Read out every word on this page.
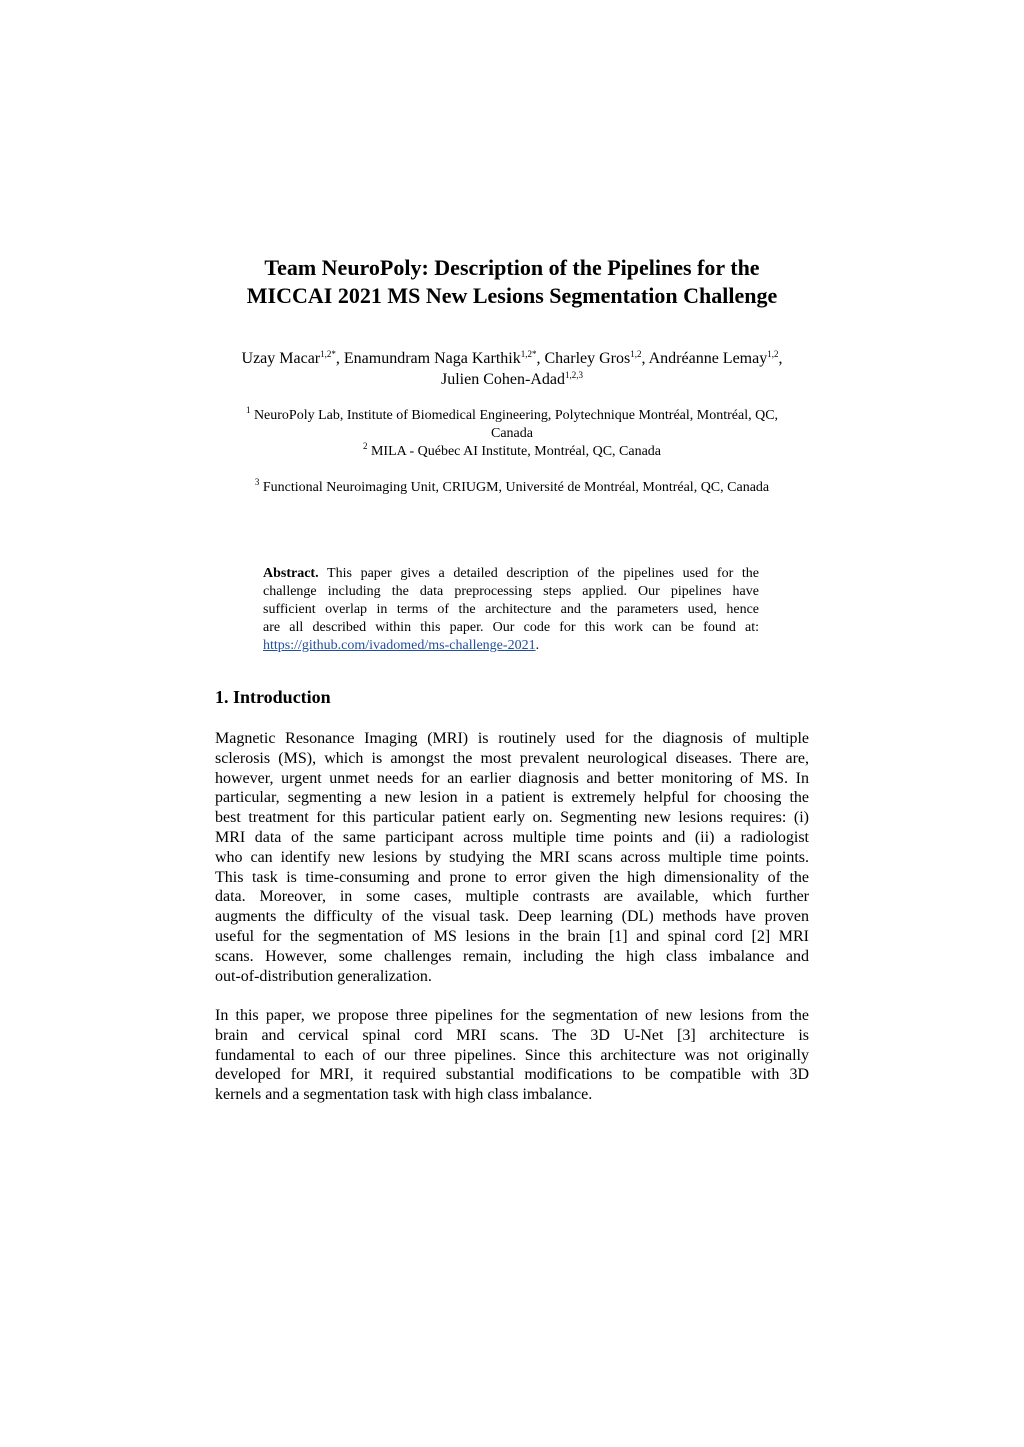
Team NeuroPoly: Description of the Pipelines for the
MICCAI 2021 MS New Lesions Segmentation Challenge
Uzay Macar$^{1,2*}$, Enamundram Naga Karthik$^{1,2*}$, Charley Gros$^{1,2}$, Andréanne Lemay$^{1,2}$,
Julien Cohen-Adad$^{1,2,3}$
$^1$ NeuroPoly Lab, Institute of Biomedical Engineering, Polytechnique Montréal, Montréal, QC,
Canada
$^2$ MILA - Québec AI Institute, Montréal, QC, Canada
$^3$ Functional Neuroimaging Unit, CRIUGM, Université de Montréal, Montréal, QC, Canada
Abstract. This paper gives a detailed description of the pipelines used for the
challenge including the data preprocessing steps applied. Our pipelines have
sufficient overlap in terms of the architecture and the parameters used, hence
are all described within this paper. Our code for this work can be found at:
https://github.com/ivadomed/ms-challenge-2021.
1. Introduction
Magnetic Resonance Imaging (MRI) is routinely used for the diagnosis of multiple
sclerosis (MS), which is amongst the most prevalent neurological diseases. There are,
however, urgent unmet needs for an earlier diagnosis and better monitoring of MS. In
particular, segmenting a new lesion in a patient is extremely helpful for choosing the
best treatment for this particular patient early on. Segmenting new lesions requires: (i)
MRI data of the same participant across multiple time points and (ii) a radiologist
who can identify new lesions by studying the MRI scans across multiple time points.
This task is time-consuming and prone to error given the high dimensionality of the
data. Moreover, in some cases, multiple contrasts are available, which further
augments the difficulty of the visual task. Deep learning (DL) methods have proven
useful for the segmentation of MS lesions in the brain [1] and spinal cord [2] MRI
scans. However, some challenges remain, including the high class imbalance and
out-of-distribution generalization.
In this paper, we propose three pipelines for the segmentation of new lesions from the
brain and cervical spinal cord MRI scans. The 3D U-Net [3] architecture is
fundamental to each of our three pipelines. Since this architecture was not originally
developed for MRI, it required substantial modifications to be compatible with 3D
kernels and a segmentation task with high class imbalance.
